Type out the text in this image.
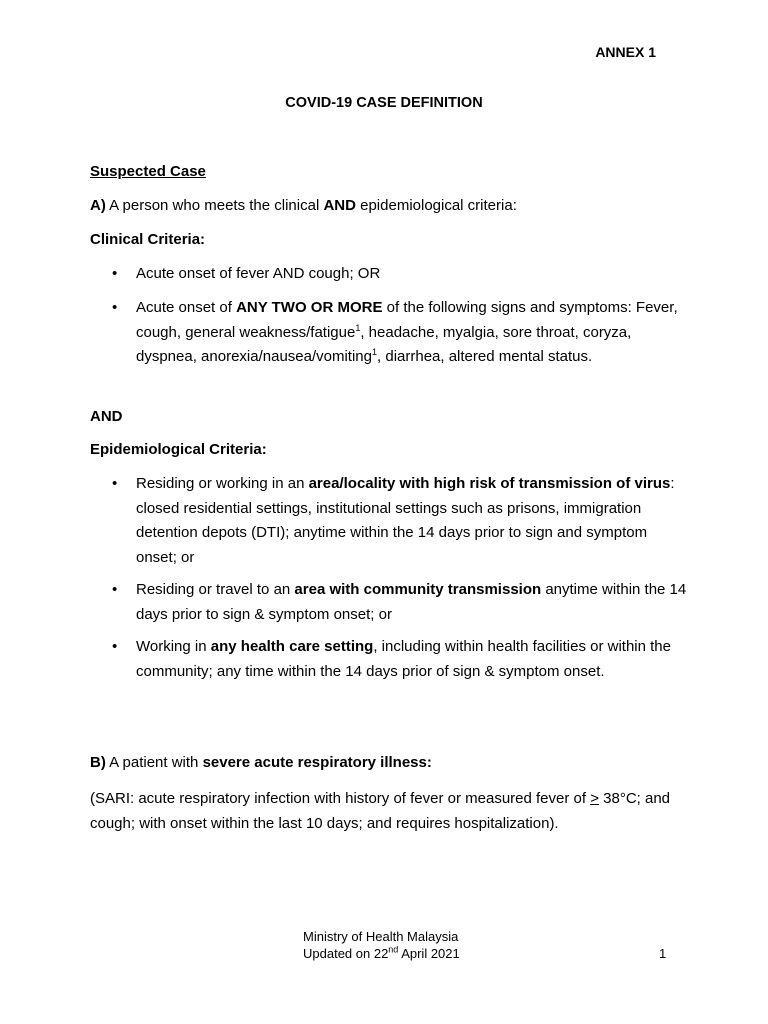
ANNEX 1
COVID-19 CASE DEFINITION
Suspected Case
A) A person who meets the clinical AND epidemiological criteria:
Clinical Criteria:
• Acute onset of fever AND cough; OR
• Acute onset of ANY TWO OR MORE of the following signs and symptoms: Fever, cough, general weakness/fatigue$^1$, headache, myalgia, sore throat, coryza, dyspnea, anorexia/nausea/vomiting$^1$, diarrhea, altered mental status.
AND
Epidemiological Criteria:
• Residing or working in an area/locality with high risk of transmission of virus: closed residential settings, institutional settings such as prisons, immigration detention depots (DTI); anytime within the 14 days prior to sign and symptom onset; or
• Residing or travel to an area with community transmission anytime within the 14 days prior to sign & symptom onset; or
• Working in any health care setting, including within health facilities or within the community; any time within the 14 days prior of sign & symptom onset.
B) A patient with severe acute respiratory illness:
(SARI: acute respiratory infection with history of fever or measured fever of ≥ 38°C; and cough; with onset within the last 10 days; and requires hospitalization).
Ministry of Health Malaysia
Updated on 22nd April 2021	1
